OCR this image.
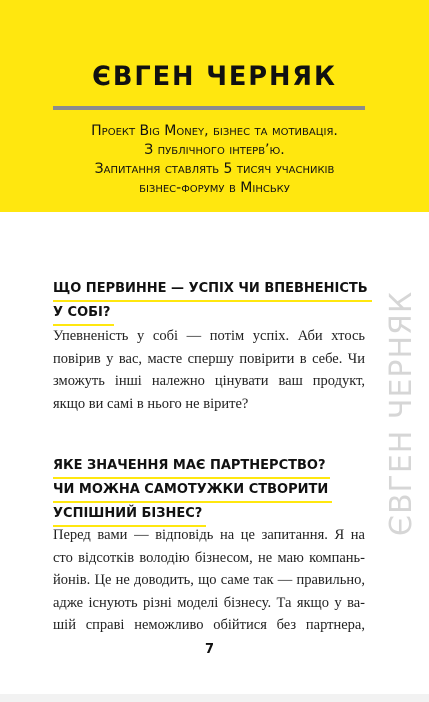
ЄВГЕН ЧЕРНЯК
Проект Big Money, бізнес та мотивація.
З публічного інтерв’ю.
Запитання ставлять 5 тисяч учасників
бізнес-форуму в Мінську
ЩО ПЕРВИННЕ — УСПІХ ЧИ ВПЕВНЕНІСТЬ
У СОБІ?
Упевненість у собі — потім успіх. Аби хтось
повірив у вас, масте спершу повірити в себе. Чи
зможуть інші належно цінувати ваш продукт,
якщо ви самі в нього не вірите?
ЯКЕ ЗНАЧЕННЯ МАЄ ПАРТНЕРСТВО?
ЧИ МОЖНА САМОТУЖКИ СТВОРИТИ
УСПІШНИЙ БІЗНЕС?
Перед вами — відповідь на це запитання. Я на
сто відсотків володію бізнесом, не маю компань-
йонів. Це не доводить, що саме так — правильно,
адже існують різні моделі бізнесу. Та якщо у ва-
шій справі неможливо обійтися без партнера,
ЄВГЕН ЧЕРНЯК
7
